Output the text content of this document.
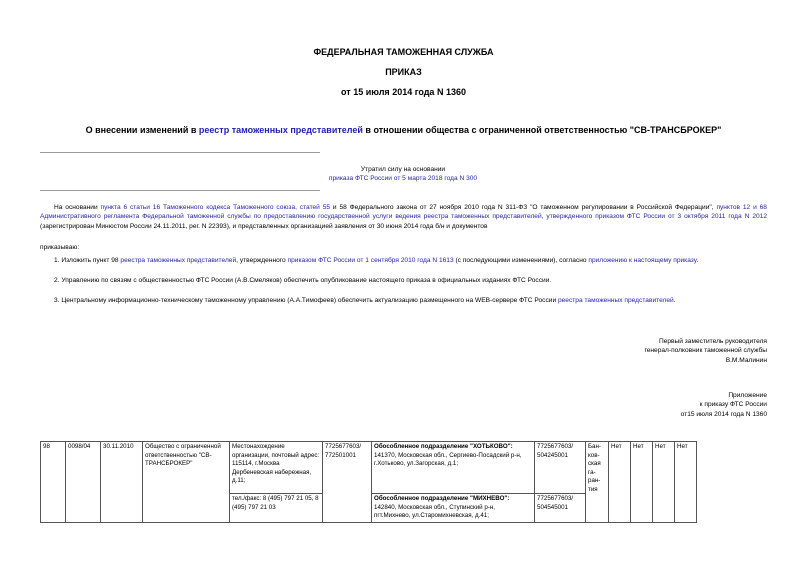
ФЕДЕРАЛЬНАЯ ТАМОЖЕННАЯ СЛУЖБА
ПРИКАЗ
от 15 июля 2014 года N 1360
О внесении изменений в реестр таможенных представителей в отношении общества с ограниченной ответственностью "СВ-ТРАНСБРОКЕР"
Утратил силу на основании
приказа ФТС России от 5 марта 2018 года N 300
На основании пункта 6 статьи 16 Таможенного кодекса Таможенного союза, статей 55 и 58 Федерального закона от 27 ноября 2010 года N 311-ФЗ "О таможенном регулировании в Российской Федерации", пунктов 12 и 68 Административного регламента Федеральной таможенной службы по предоставлению государственной услуги ведения реестра таможенных представителей, утвержденного приказом ФТС России от 3 октября 2011 года N 2012 (зарегистрирован Минюстом России 24.11.2011, рег. N 22393), и представленных организацией заявления от 30 июня 2014 года б/н и документов
приказываю:
1. Изложить пункт 98 реестра таможенных представителей, утвержденного приказом ФТС России от 1 сентября 2010 года N 1613 (с последующими изменениями), согласно приложению к настоящему приказу.
2. Управлению по связям с общественностью ФТС России (А.В.Смеляков) обеспечить опубликование настоящего приказа в официальных изданиях ФТС России.
3. Центральному информационно-техническому таможенному управлению (А.А.Тимофеев) обеспечить актуализацию размещенного на WEB-сервере ФТС России реестра таможенных представителей.
Первый заместитель руководителя
генерал-полковник таможенной службы
В.М.Малинин
Приложение
к приказу ФТС России
от15 июля 2014 года N 1360
98	0098/04	30.11.2010	Общество с ограниченной ответственностью "СВ-ТРАНСБРОКЕР"	Местонахождение организации, почтовый адрес: 115114, г.Москва Дербеневская набережная, д.11;	7725677603/ 772501001	Обособленное подразделение "ХОТЬКОВО":
141370, Московская обл., Сергиево-Посадский р-н, г.Хотьково, ул.Загорская, д.1;	7725677603/ 504245001	Бан-ков-ская га-ран-тия	Нет	Нет	Нет	Нет
				тел./факс: 8 (495) 797 21 05, 8 (495) 797 21 03		Обособленное подразделение "МИХНЕВО":
142840, Московская обл., Ступинский р-н, пгт.Михнево, ул.Старомихневская, д.41;	7725677603/ 504545001					
